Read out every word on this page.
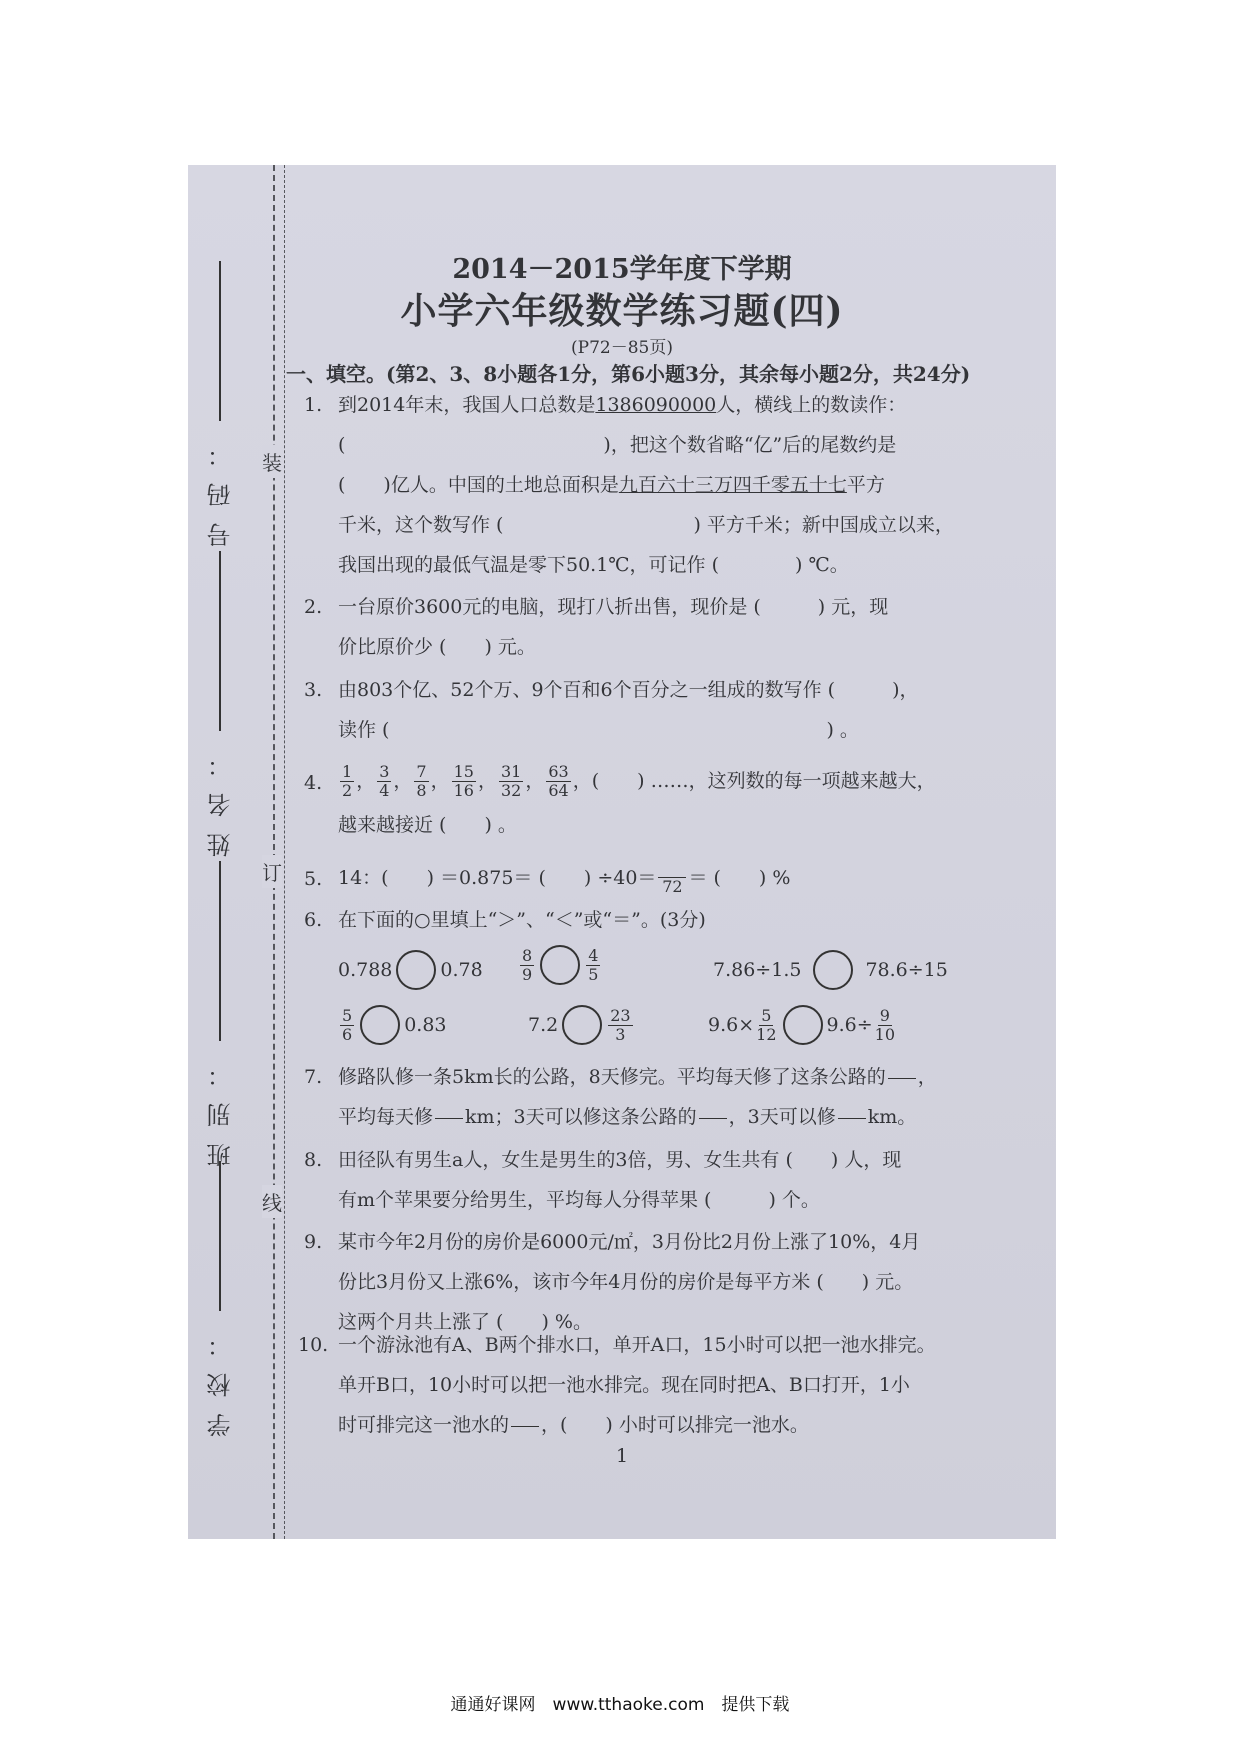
装
订
线
号码：
姓名：
班别：
学校：
2014－2015学年度下学期
小学六年级数学练习题(四)
(P72－85页)
一、填空。(第2、3、8小题各1分，第6小题3分，其余每小题2分，共24分)
1. 到2014年末，我国人口总数是1386090000人，横线上的数读作：
(	)，把这个数省略“亿”后的尾数约是
(　　)亿人。中国的土地总面积是九百六十三万四千零五十七平方
千米，这个数写作 (　　　　　　　　　　) 平方千米；新中国成立以来，
我国出现的最低气温是零下50.1℃，可记作 (　　　　) ℃。
2. 一台原价3600元的电脑，现打八折出售，现价是 (　　　) 元，现
价比原价少 (　　) 元。
3. 由803个亿、52个万、9个百和6个百分之一组成的数写作 (　　　)，
读作 (　　　　　　　　　　　　　　　　　　　　　　　) 。
4. $\frac{1}{2}$ ， $\frac{3}{4}$ ， $\frac{7}{8}$ ， $\frac{15}{16}$ ， $\frac{31}{32}$ ， $\frac{63}{64}$ ，(　　) ……，这列数的每一项越来越大，
越来越接近 (　　) 。
5. 14：(　　) ＝0.875＝ (　　) ÷40＝ 72 ＝ (　　) %
6. 在下面的○里填上“＞”、“＜”或“＝”。(3分)
0.788	0.78̇ $\frac{8}{9}$	$\frac{4}{5}$	7.86÷1.5	78.6÷15
$\frac{5}{6}$	0.83	7.2	$\frac{23}{3}$	$9.6\times \frac{5}{12}$	$9.6\div \frac{9}{10}$
7. 修路队修一条5km长的公路，8天修完。平均每天修了这条公路的 ，
平均每天修 km；3天可以修这条公路的 ，3天可以修 km。
8. 田径队有男生a人，女生是男生的3倍，男、女生共有 (　　) 人，现
有m个苹果要分给男生，平均每人分得苹果 (　　　) 个。
9. 某市今年2月份的房价是6000元/㎡，3月份比2月份上涨了10%，4月
份比3月份又上涨6%，该市今年4月份的房价是每平方米 (　　) 元。
这两个月共上涨了 (　　) %。
10. 一个游泳池有A、B两个排水口，单开A口，15小时可以把一池水排完。
单开B口，10小时可以把一池水排完。现在同时把A、B口打开，1小
时可排完这一池水的 ，(　　) 小时可以排完一池水。
1
通通好课网　www.tthaoke.com　提供下载
